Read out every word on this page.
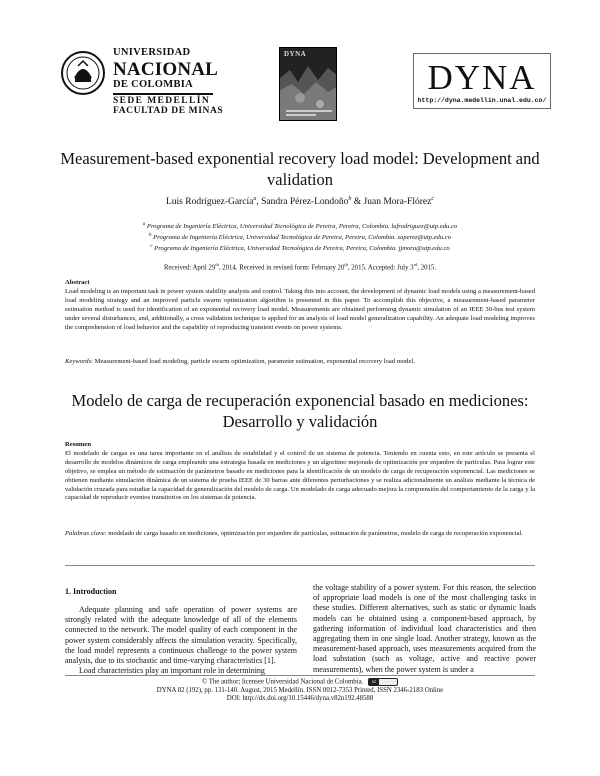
UNIVERSIDAD
NACIONAL
DE COLOMBIA
SEDE MEDELLÍN
FACULTAD DE MINAS
DYNA
DYNA
http://dyna.medellin.unal.edu.co/
Measurement-based exponential recovery load model: Development and validation
Luis Rodríguez-García$^a$, Sandra Pérez-Londoño$^b$ & Juan Mora-Flórez$^c$
$^a$ Programa de Ingeniería Eléctrica, Universidad Tecnológica de Pereira, Pereira, Colombia. lufrodriguez@utp.edu.co
$^b$ Programa de Ingeniería Eléctrica, Universidad Tecnológica de Pereira, Pereira, Colombia. saperez@utp.edu.co
$^c$ Programa de Ingeniería Eléctrica, Universidad Tecnológica de Pereira, Pereira, Colombia. jjmora@utp.edu.co
Received: April 29th, 2014. Received in revised form: February 20th, 2015. Accepted: July 3rd, 2015.
Abstract
Load modeling is an important task in power system stability analysis and control. Taking this into account, the development of dynamic load models using a measurement-based load modeling strategy and an improved particle swarm optimization algorithm is presented in this paper. To accomplish this objective, a measurement-based parameter estimation method is used for identification of an exponential recovery load model. Measurements are obtained performing dynamic simulation of an IEEE 30-bus test system under several disturbances, and, additionally, a cross validation technique is applied for an analysis of load model generalization capability. An adequate load modeling improves the comprehension of load behavior and the capability of reproducing transient events on power systems.
Keywords: Measurement-based load modeling, particle swarm optimization, parameter estimation, exponential recovery load model.
Modelo de carga de recuperación exponencial basado en mediciones: Desarrollo y validación
Resumen
El modelado de cargas es una tarea importante en el análisis de estabilidad y el control de un sistema de potencia. Teniendo en cuenta esto, en este artículo se presenta el desarrollo de modelos dinámicos de carga empleando una estrategia basada en mediciones y un algoritmo mejorado de optimización por enjambre de partículas. Para lograr este objetivo, se emplea un método de estimación de parámetros basado en mediciones para la identificación de un modelo de carga de recuperación exponencial. Las mediciones se obtienen mediante simulación dinámica de un sistema de prueba IEEE de 30 barras ante diferentes perturbaciones y se realiza adicionalmente un análisis mediante la técnica de validación cruzada para estudiar la capacidad de generalización del modelo de carga. Un modelado de carga adecuado mejora la comprensión del comportamiento de la carga y la capacidad de reproducir eventos transitorios en los sistemas de potencia.
Palabras clave: modelado de carga basado en mediciones, optimización por enjambre de partículas, estimación de parámetros, modelo de carga de recuperación exponencial.
1. Introduction

Adequate planning and safe operation of power systems are strongly related with the adequate knowledge of all of the elements connected to the network. The model quality of each component in the power system considerably affects the simulation veracity. Specifically, the load model represents a continuous challenge to the power system analysis, due to its stochastic and time-varying characteristics [1].

Load characteristics play an important role in determining

the voltage stability of a power system. For this reason, the selection of appropriate load models is one of the most challenging tasks in these studies. Different alternatives, such as static or dynamic loads models can be obtained using a component-based approach, by gathering information of individual load characteristics and then aggregating them in one single load. Another strategy, known as the measurement-based approach, uses measurements acquired from the load substation (such as voltage, active and reactive power measurements), when the power system is under a

© The author; licensee Universidad Nacional de Colombia.	cc
DYNA 82 (192), pp. 131-140. August, 2015 Medellín. ISSN 0012-7353 Printed, ISSN 2346-2183 Online
DOI: http://dx.doi.org/10.15446/dyna.v82n192.48588
